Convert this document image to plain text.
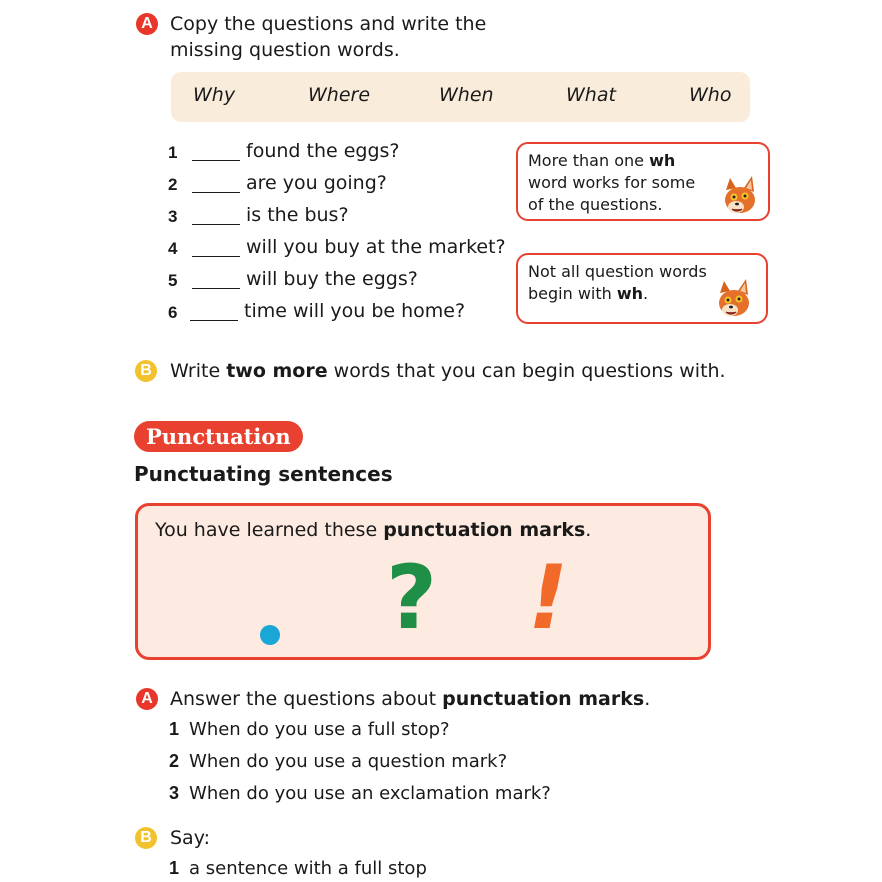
A Copy the questions and write the
missing question words.
Why	Where	When	What	Who
1	found the eggs?
2	are you going?
3	is the bus?
4	will you buy at the market?
5	will buy the eggs?
6	time will you be home?
More than one wh
word works for some
of the questions.
Not all question words
begin with wh.
B Write two more words that you can begin questions with.
Punctuation
Punctuating sentences
You have learned these punctuation marks.
? !
A Answer the questions about punctuation marks.
1 When do you use a full stop?
2 When do you use a question mark?
3 When do you use an exclamation mark?
B Say:
1 a sentence with a full stop
